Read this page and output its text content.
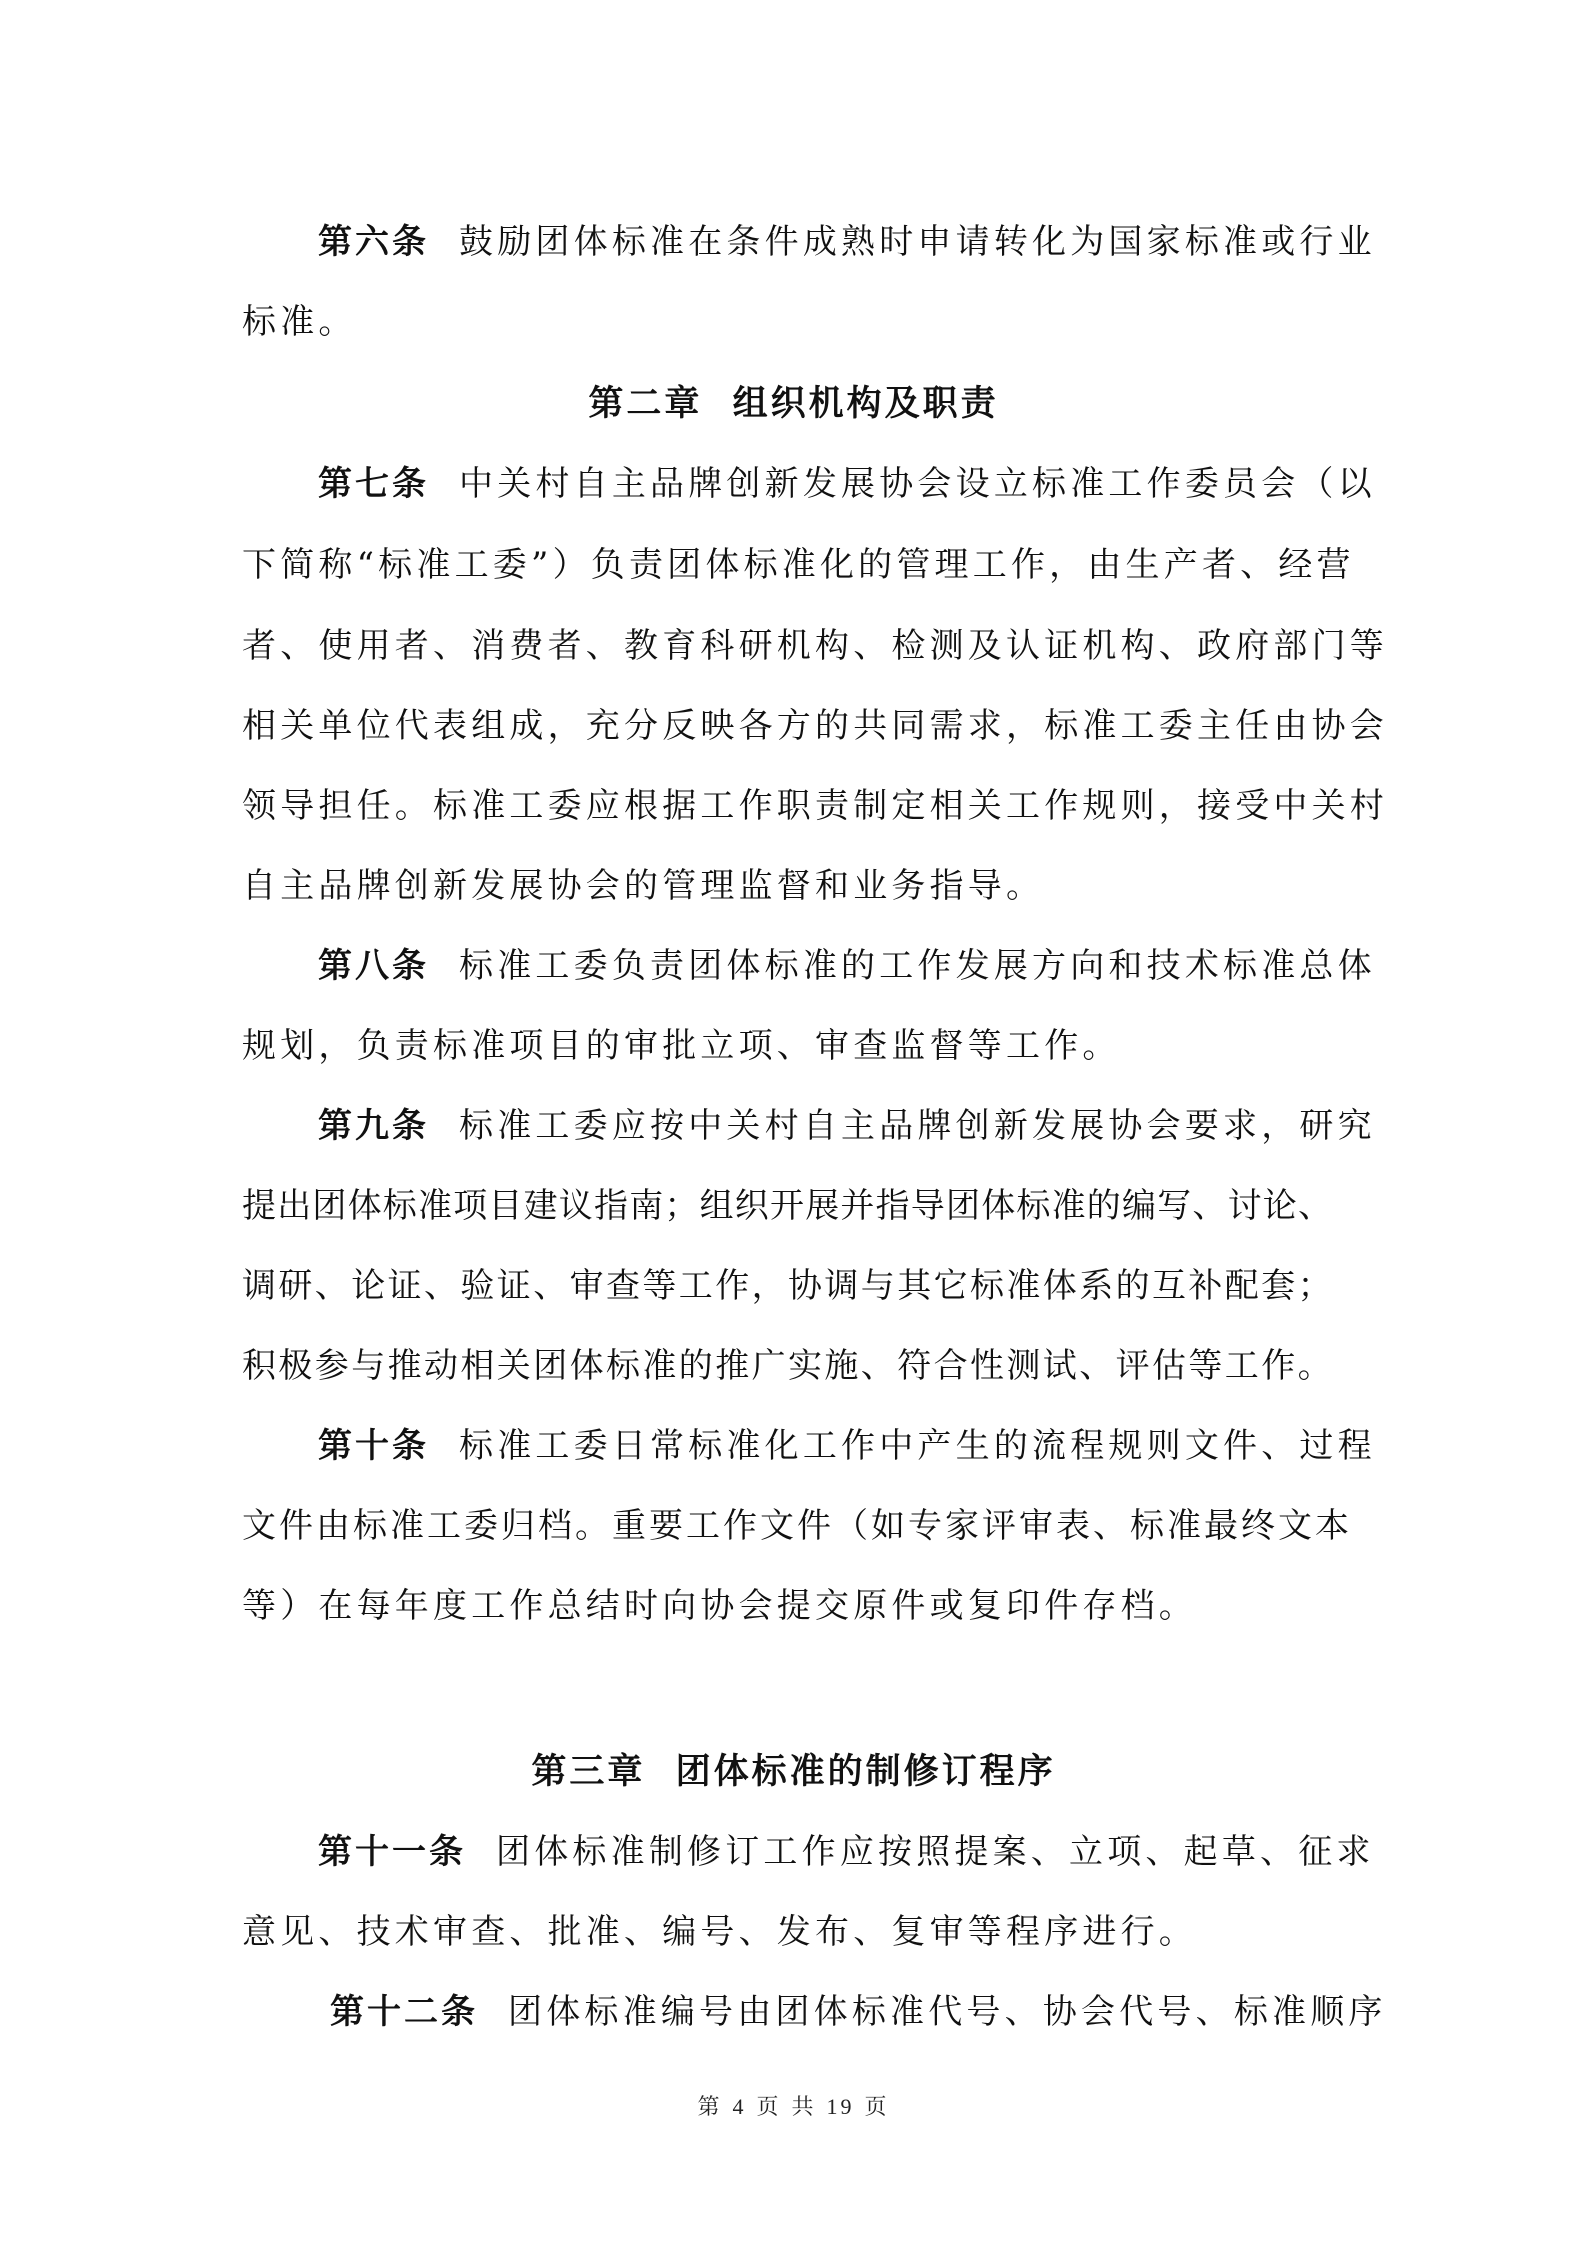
第六条 鼓励团体标准在条件成熟时申请转化为国家标准或行业
标准。
第二章  组织机构及职责
第七条 中关村自主品牌创新发展协会设立标准工作委员会（以
下简称“标准工委”）负责团体标准化的管理工作，由生产者、经营
者、使用者、消费者、教育科研机构、检测及认证机构、政府部门等
相关单位代表组成，充分反映各方的共同需求，标准工委主任由协会
领导担任。标准工委应根据工作职责制定相关工作规则，接受中关村
自主品牌创新发展协会的管理监督和业务指导。
第八条 标准工委负责团体标准的工作发展方向和技术标准总体
规划，负责标准项目的审批立项、审查监督等工作。
第九条 标准工委应按中关村自主品牌创新发展协会要求，研究
提出团体标准项目建议指南；组织开展并指导团体标准的编写、讨论、
调研、论证、验证、审查等工作，协调与其它标准体系的互补配套；
积极参与推动相关团体标准的推广实施、符合性测试、评估等工作。
第十条 标准工委日常标准化工作中产生的流程规则文件、过程
文件由标准工委归档。重要工作文件（如专家评审表、标准最终文本
等）在每年度工作总结时向协会提交原件或复印件存档。
第三章  团体标准的制修订程序
第十一条 团体标准制修订工作应按照提案、立项、起草、征求
意见、技术审查、批准、编号、发布、复审等程序进行。
第十二条 团体标准编号由团体标准代号、协会代号、标准顺序
第 4 页 共 19 页
